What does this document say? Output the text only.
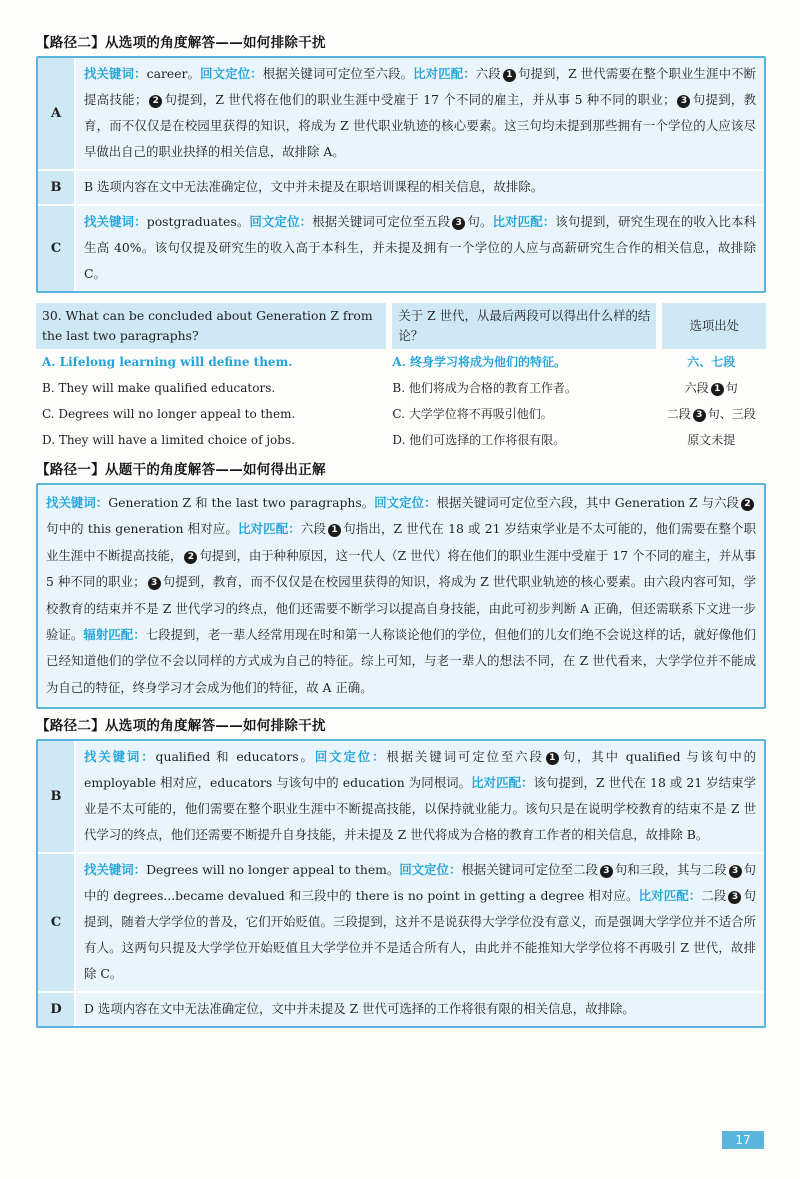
【路径二】从选项的角度解答——如何排除干扰
A	找关键词：career。回文定位：根据关键词可定位至六段。比对匹配：六段 1 句提到，Z 世代需要在整个职业生涯中不断提高技能； 2 句提到，Z 世代将在他们的职业生涯中受雇于 17 个不同的雇主，并从事 5 种不同的职业； 3 句提到，教育，而不仅仅是在校园里获得的知识，将成为 Z 世代职业轨迹的核心要素。这三句均未提到那些拥有一个学位的人应该尽早做出自己的职业抉择的相关信息，故排除 A。
B	B 选项内容在文中无法准确定位，文中并未提及在职培训课程的相关信息，故排除。
C	找关键词：postgraduates。回文定位：根据关键词可定位至五段 3 句。比对匹配：该句提到，研究生现在的收入比本科生高 40%。该句仅提及研究生的收入高于本科生，并未提及拥有一个学位的人应与高薪研究生合作的相关信息，故排除 C。
30. What can be concluded about Generation Z from the last two paragraphs?	关于 Z 世代，从最后两段可以得出什么样的结论？	选项出处
A. Lifelong learning will define them.	A. 终身学习将成为他们的特征。	六、七段
B. They will make qualified educators.	B. 他们将成为合格的教育工作者。	六段 1 句
C. Degrees will no longer appeal to them.	C. 大学学位将不再吸引他们。	二段 3 句、三段
D. They will have a limited choice of jobs.	D. 他们可选择的工作将很有限。	原文未提
【路径一】从题干的角度解答——如何得出正解
找关键词：Generation Z 和 the last two paragraphs。回文定位：根据关键词可定位至六段，其中 Generation Z 与六段 2句中的 this generation 相对应。比对匹配：六段 1 句指出，Z 世代在 18 或 21 岁结束学业是不太可能的，他们需要在整个职业生涯中不断提高技能， 2 句提到，由于种种原因，这一代人（Z 世代）将在他们的职业生涯中受雇于 17 个不同的雇主，并从事 5 种不同的职业； 3 句提到，教育，而不仅仅是在校园里获得的知识，将成为 Z 世代职业轨迹的核心要素。由六段内容可知，学校教育的结束并不是 Z 世代学习的终点，他们还需要不断学习以提高自身技能，由此可初步判断 A 正确，但还需联系下文进一步验证。辐射匹配：七段提到，老一辈人经常用现在时和第一人称谈论他们的学位，但他们的儿女们绝不会说这样的话，就好像他们已经知道他们的学位不会以同样的方式成为自己的特征。综上可知，与老一辈人的想法不同，在 Z 世代看来，大学学位并不能成为自己的特征，终身学习才会成为他们的特征，故 A 正确。
【路径二】从选项的角度解答——如何排除干扰
B	找关键词：qualified 和 educators。回文定位：根据关键词可定位至六段 1 句，其中 qualified 与该句中的 employable 相对应，educators 与该句中的 education 为同根词。比对匹配：该句提到，Z 世代在 18 或 21 岁结束学业是不太可能的，他们需要在整个职业生涯中不断提高技能，以保持就业能力。该句只是在说明学校教育的结束不是 Z 世代学习的终点，他们还需要不断提升自身技能，并未提及 Z 世代将成为合格的教育工作者的相关信息，故排除 B。
C	找关键词：Degrees will no longer appeal to them。回文定位：根据关键词可定位至二段 3 句和三段，其与二段 3 句中的 degrees...became devalued 和三段中的 there is no point in getting a degree 相对应。比对匹配：二段 3 句提到，随着大学学位的普及，它们开始贬值。三段提到，这并不是说获得大学学位没有意义，而是强调大学学位并不适合所有人。这两句只提及大学学位开始贬值且大学学位并不是适合所有人，由此并不能推知大学学位将不再吸引 Z 世代，故排除 C。
D	D 选项内容在文中无法准确定位，文中并未提及 Z 世代可选择的工作将很有限的相关信息，故排除。
17
